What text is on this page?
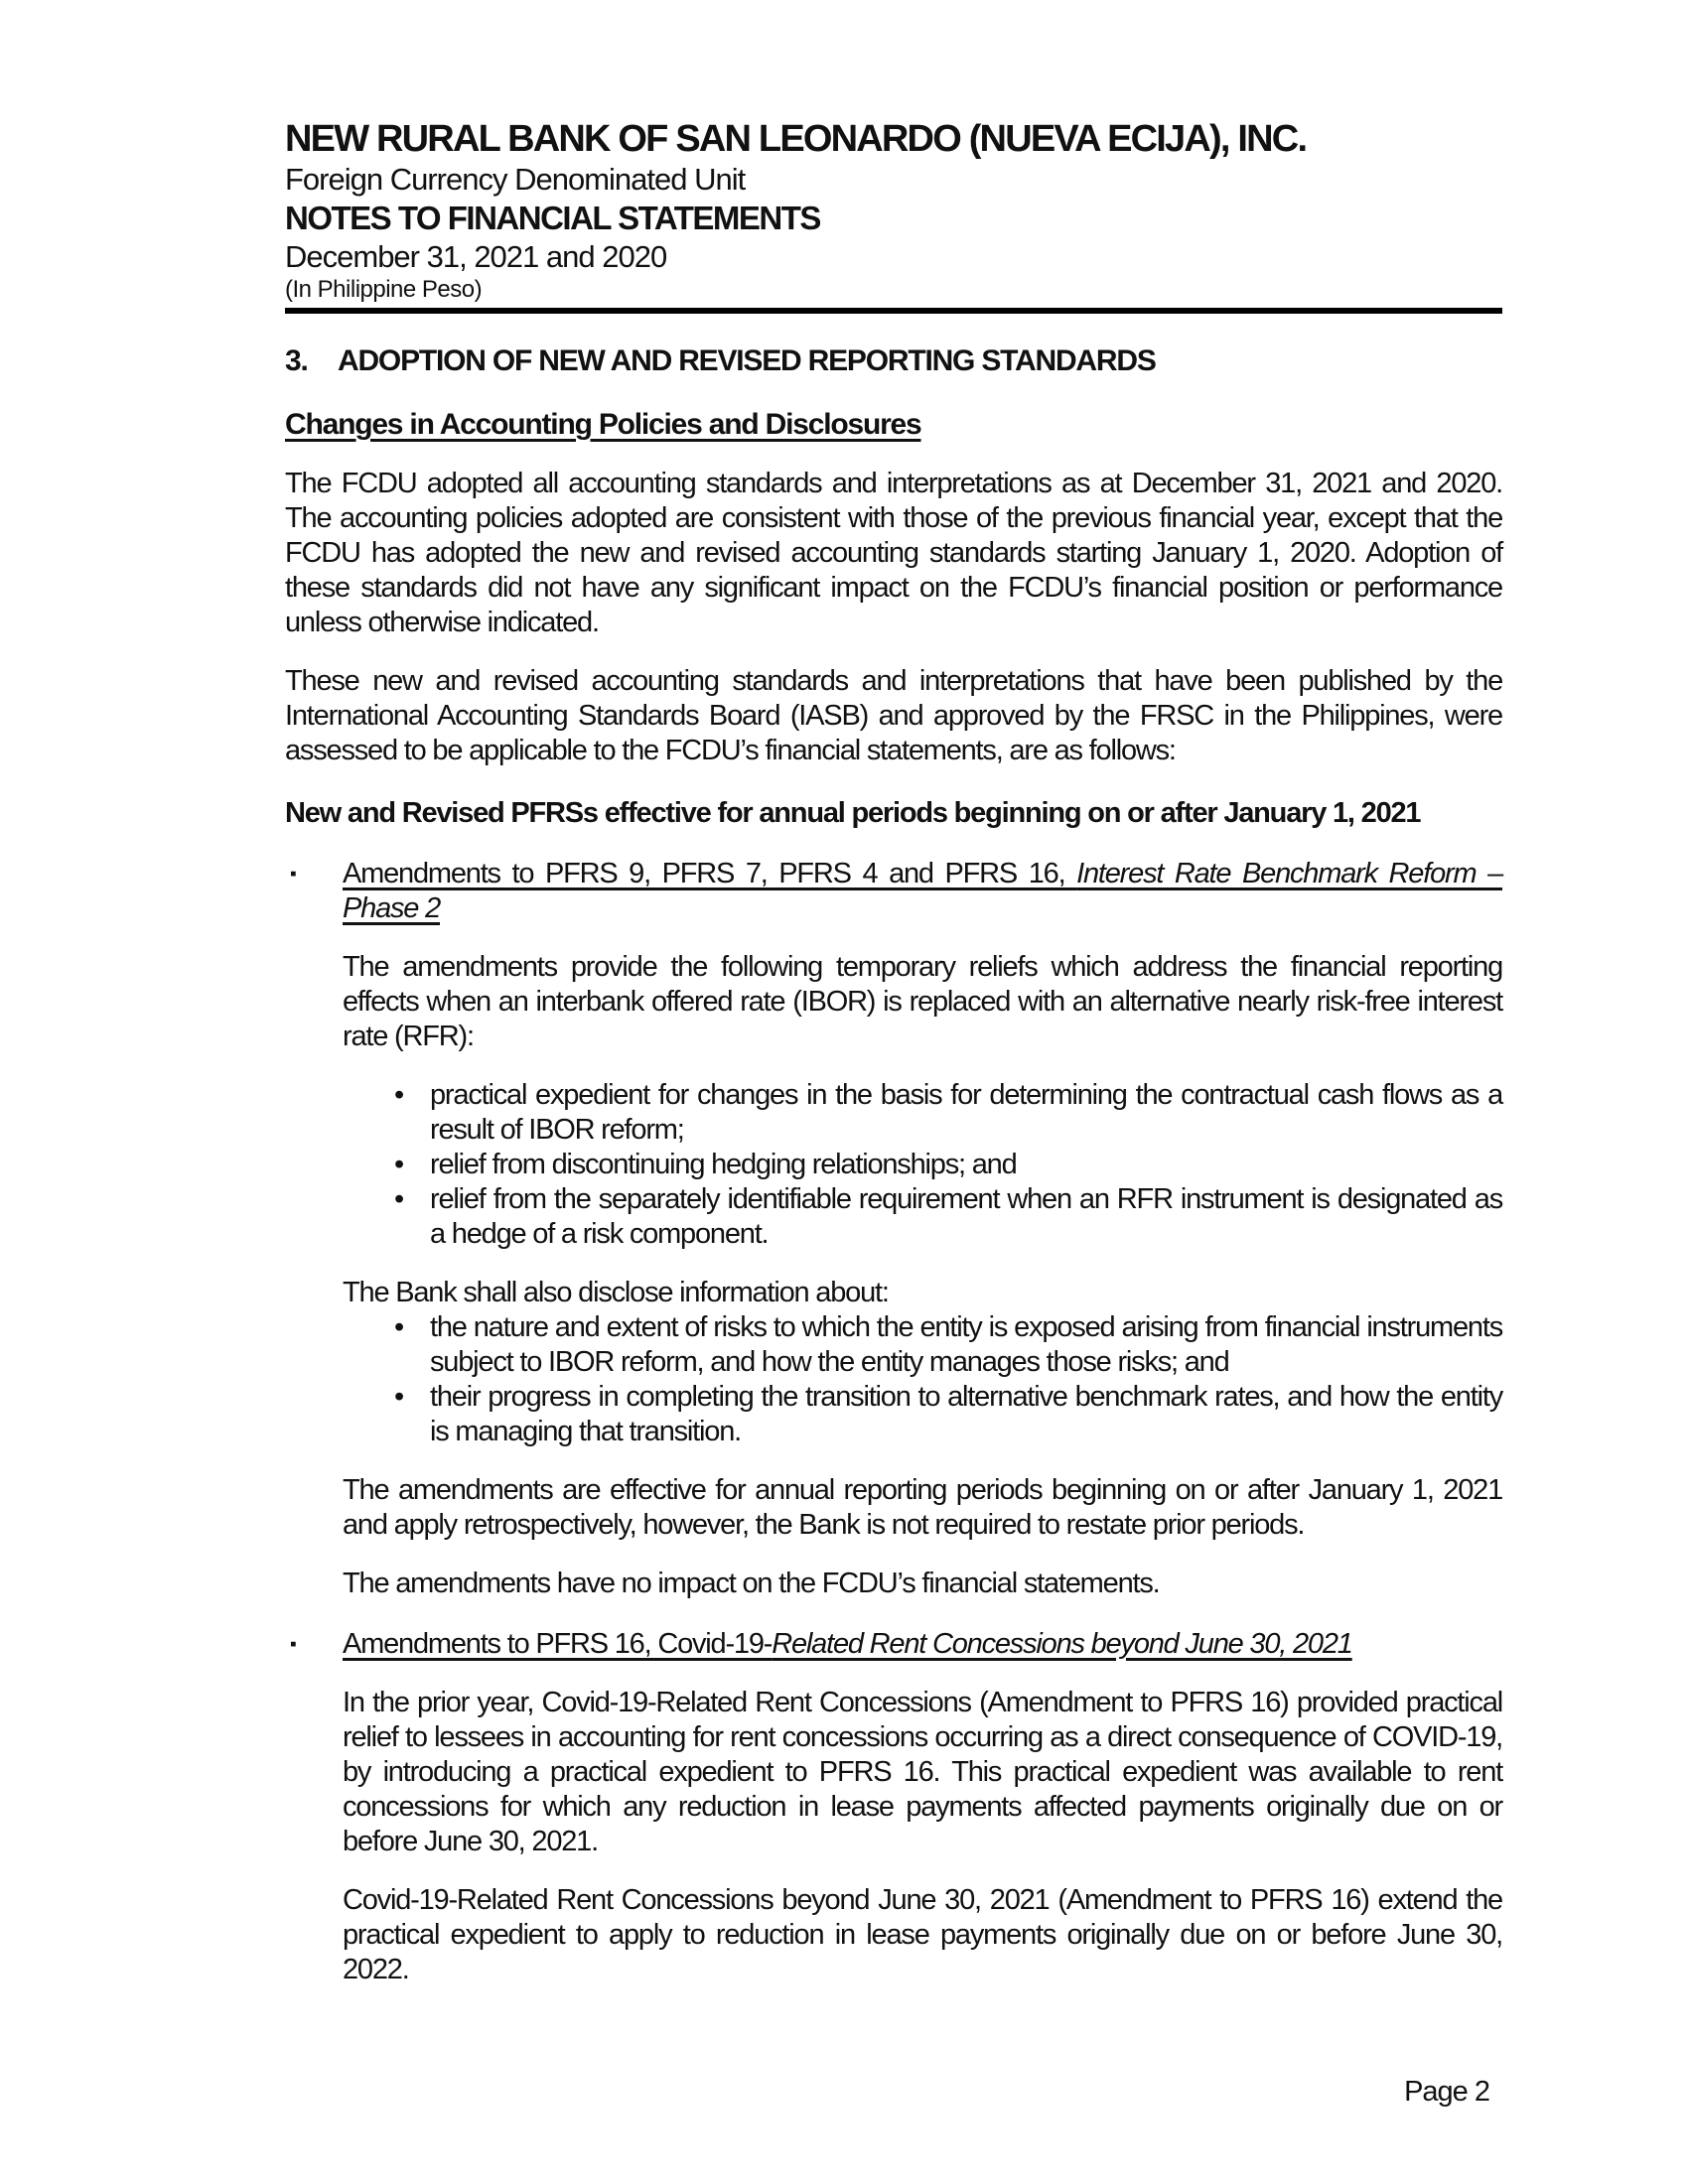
NEW RURAL BANK OF SAN LEONARDO (NUEVA ECIJA), INC.
Foreign Currency Denominated Unit
NOTES TO FINANCIAL STATEMENTS
December 31, 2021 and 2020
(In Philippine Peso)
3.	ADOPTION OF NEW AND REVISED REPORTING STANDARDS
Changes in Accounting Policies and Disclosures
The FCDU adopted all accounting standards and interpretations as at December 31, 2021 and 2020. The accounting policies adopted are consistent with those of the previous financial year, except that the FCDU has adopted the new and revised accounting standards starting January 1, 2020. Adoption of these standards did not have any significant impact on the FCDU’s financial position or performance unless otherwise indicated.
These new and revised accounting standards and interpretations that have been published by the International Accounting Standards Board (IASB) and approved by the FRSC in the Philippines, were assessed to be applicable to the FCDU’s financial statements, are as follows:
New and Revised PFRSs effective for annual periods beginning on or after January 1, 2021
▪	Amendments to PFRS 9, PFRS 7, PFRS 4 and PFRS 16, Interest Rate Benchmark Reform – Phase 2
The amendments provide the following temporary reliefs which address the financial reporting effects when an interbank offered rate (IBOR) is replaced with an alternative nearly risk-free interest rate (RFR):
• practical expedient for changes in the basis for determining the contractual cash flows as a result of IBOR reform;
• relief from discontinuing hedging relationships; and
• relief from the separately identifiable requirement when an RFR instrument is designated as a hedge of a risk component.
The Bank shall also disclose information about:
• the nature and extent of risks to which the entity is exposed arising from financial instruments subject to IBOR reform, and how the entity manages those risks; and
• their progress in completing the transition to alternative benchmark rates, and how the entity is managing that transition.
The amendments are effective for annual reporting periods beginning on or after January 1, 2021 and apply retrospectively, however, the Bank is not required to restate prior periods.
The amendments have no impact on the FCDU’s financial statements.
▪	Amendments to PFRS 16, Covid-19-Related Rent Concessions beyond June 30, 2021
In the prior year, Covid-19-Related Rent Concessions (Amendment to PFRS 16) provided practical relief to lessees in accounting for rent concessions occurring as a direct consequence of COVID-19, by introducing a practical expedient to PFRS 16. This practical expedient was available to rent concessions for which any reduction in lease payments affected payments originally due on or before June 30, 2021.
Covid-19-Related Rent Concessions beyond June 30, 2021 (Amendment to PFRS 16) extend the practical expedient to apply to reduction in lease payments originally due on or before June 30, 2022.
Page 2
